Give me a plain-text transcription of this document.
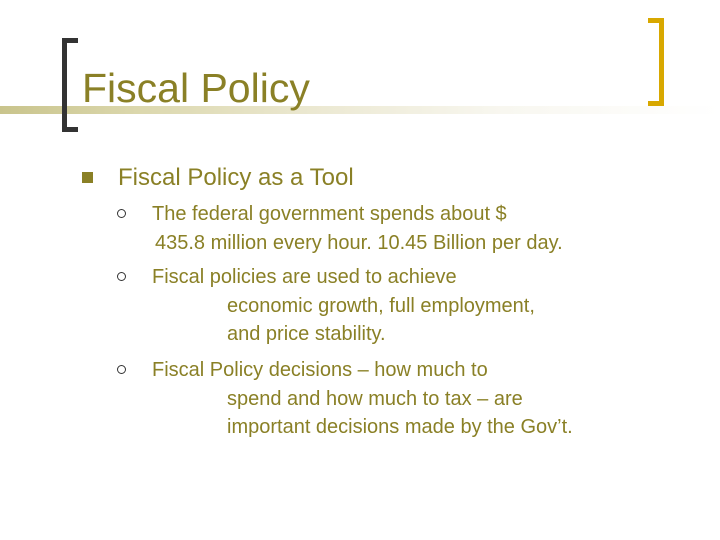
Fiscal Policy
Fiscal Policy as a Tool
The federal government spends about $
435.8 million every hour. 10.45 Billion per day.
Fiscal policies are used to achieve
economic growth, full employment,
and price stability.
Fiscal Policy decisions – how much to
spend and how much to tax – are
important decisions made by the Gov’t.
